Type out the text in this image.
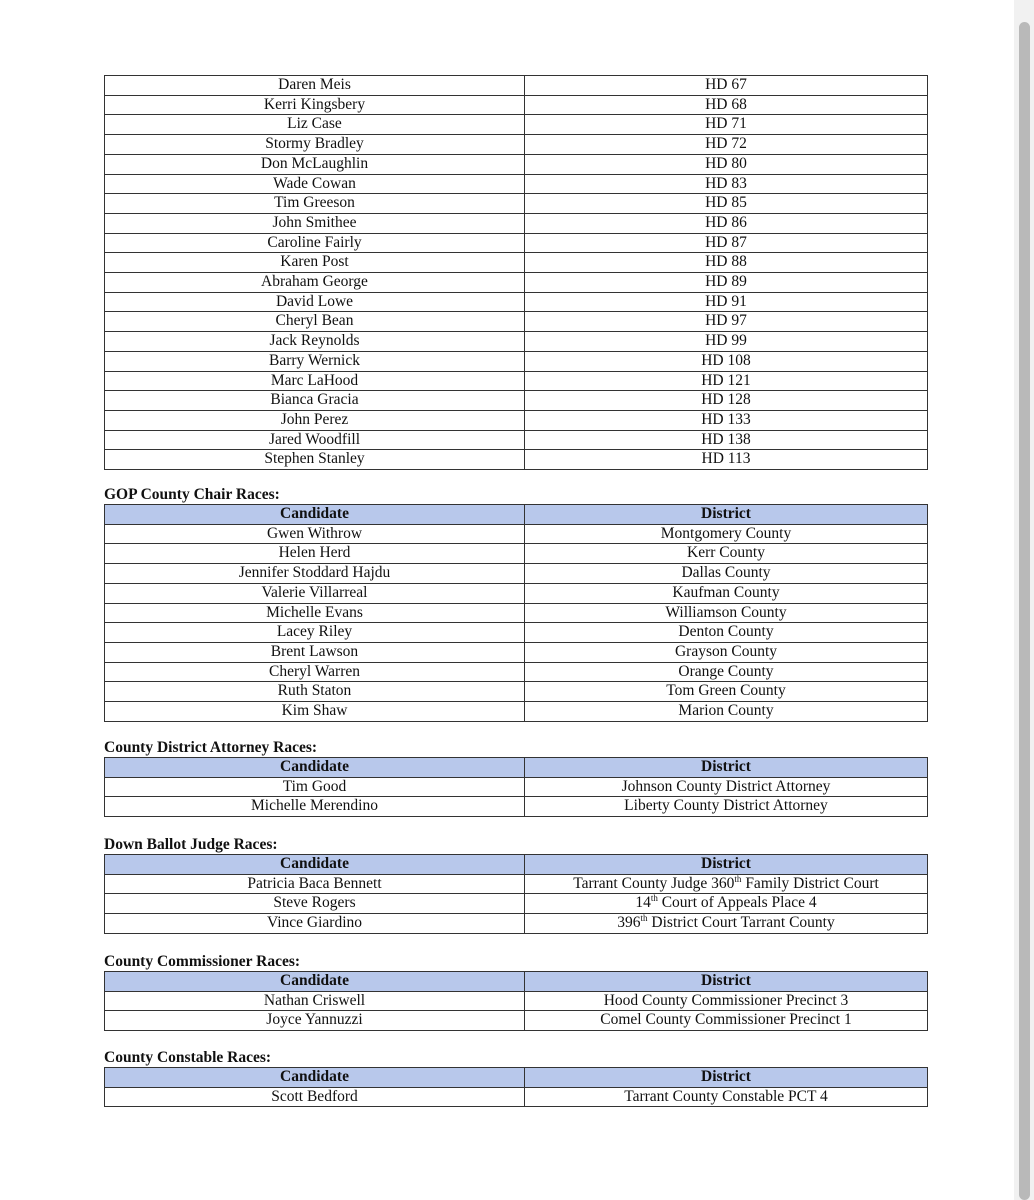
Daren Meis	HD 67
Kerri Kingsbery	HD 68
Liz Case	HD 71
Stormy Bradley	HD 72
Don McLaughlin	HD 80
Wade Cowan	HD 83
Tim Greeson	HD 85
John Smithee	HD 86
Caroline Fairly	HD 87
Karen Post	HD 88
Abraham George	HD 89
David Lowe	HD 91
Cheryl Bean	HD 97
Jack Reynolds	HD 99
Barry Wernick	HD 108
Marc LaHood	HD 121
Bianca Gracia	HD 128
John Perez	HD 133
Jared Woodfill	HD 138
Stephen Stanley	HD 113

GOP County Chair Races:

Candidate	District
Gwen Withrow	Montgomery County
Helen Herd	Kerr County
Jennifer Stoddard Hajdu	Dallas County
Valerie Villarreal	Kaufman County
Michelle Evans	Williamson County
Lacey Riley	Denton County
Brent Lawson	Grayson County
Cheryl Warren	Orange County
Ruth Staton	Tom Green County
Kim Shaw	Marion County

County District Attorney Races:

Candidate	District
Tim Good	Johnson County District Attorney
Michelle Merendino	Liberty County District Attorney

Down Ballot Judge Races:

Candidate	District
Patricia Baca Bennett	Tarrant County Judge 360th Family District Court
Steve Rogers	14th Court of Appeals Place 4
Vince Giardino	396th District Court Tarrant County

County Commissioner Races:

Candidate	District
Nathan Criswell	Hood County Commissioner Precinct 3
Joyce Yannuzzi	Comel County Commissioner Precinct 1

County Constable Races:

Candidate	District
Scott Bedford	Tarrant County Constable PCT 4
